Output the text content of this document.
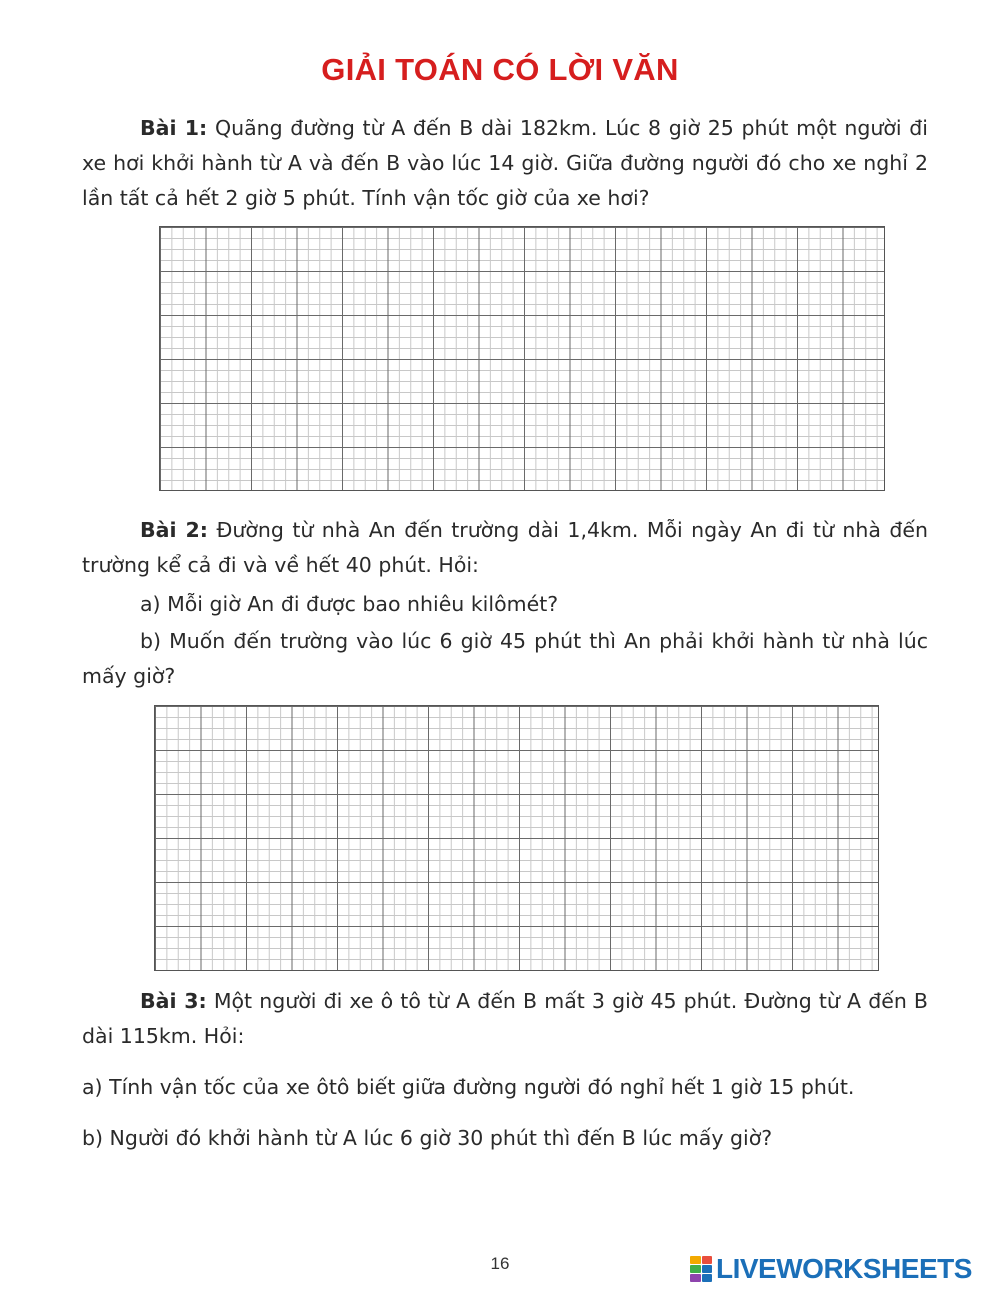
GIẢI TOÁN CÓ LỜI VĂN
Bài 1: Quãng đường từ A đến B dài 182km. Lúc 8 giờ 25 phút một người đi xe hơi khởi hành từ A và đến B vào lúc 14 giờ. Giữa đường người đó cho xe nghỉ 2 lần tất cả hết 2 giờ 5 phút. Tính vận tốc giờ của xe hơi?
Bài 2: Đường từ nhà An đến trường dài 1,4km. Mỗi ngày An đi từ nhà đến trường kể cả đi và về hết 40 phút. Hỏi:
a) Mỗi giờ An đi được bao nhiêu kilômét?
b) Muốn đến trường vào lúc 6 giờ 45 phút thì An phải khởi hành từ nhà lúc mấy giờ?
Bài 3: Một người đi xe ô tô từ A đến B mất 3 giờ 45 phút. Đường từ A đến B dài 115km. Hỏi:
a) Tính vận tốc của xe ôtô biết giữa đường người đó nghỉ hết 1 giờ 15 phút.
b) Người đó khởi hành từ A lúc 6 giờ 30 phút thì đến B lúc mấy giờ?
16	LIVEWORKSHEETS
